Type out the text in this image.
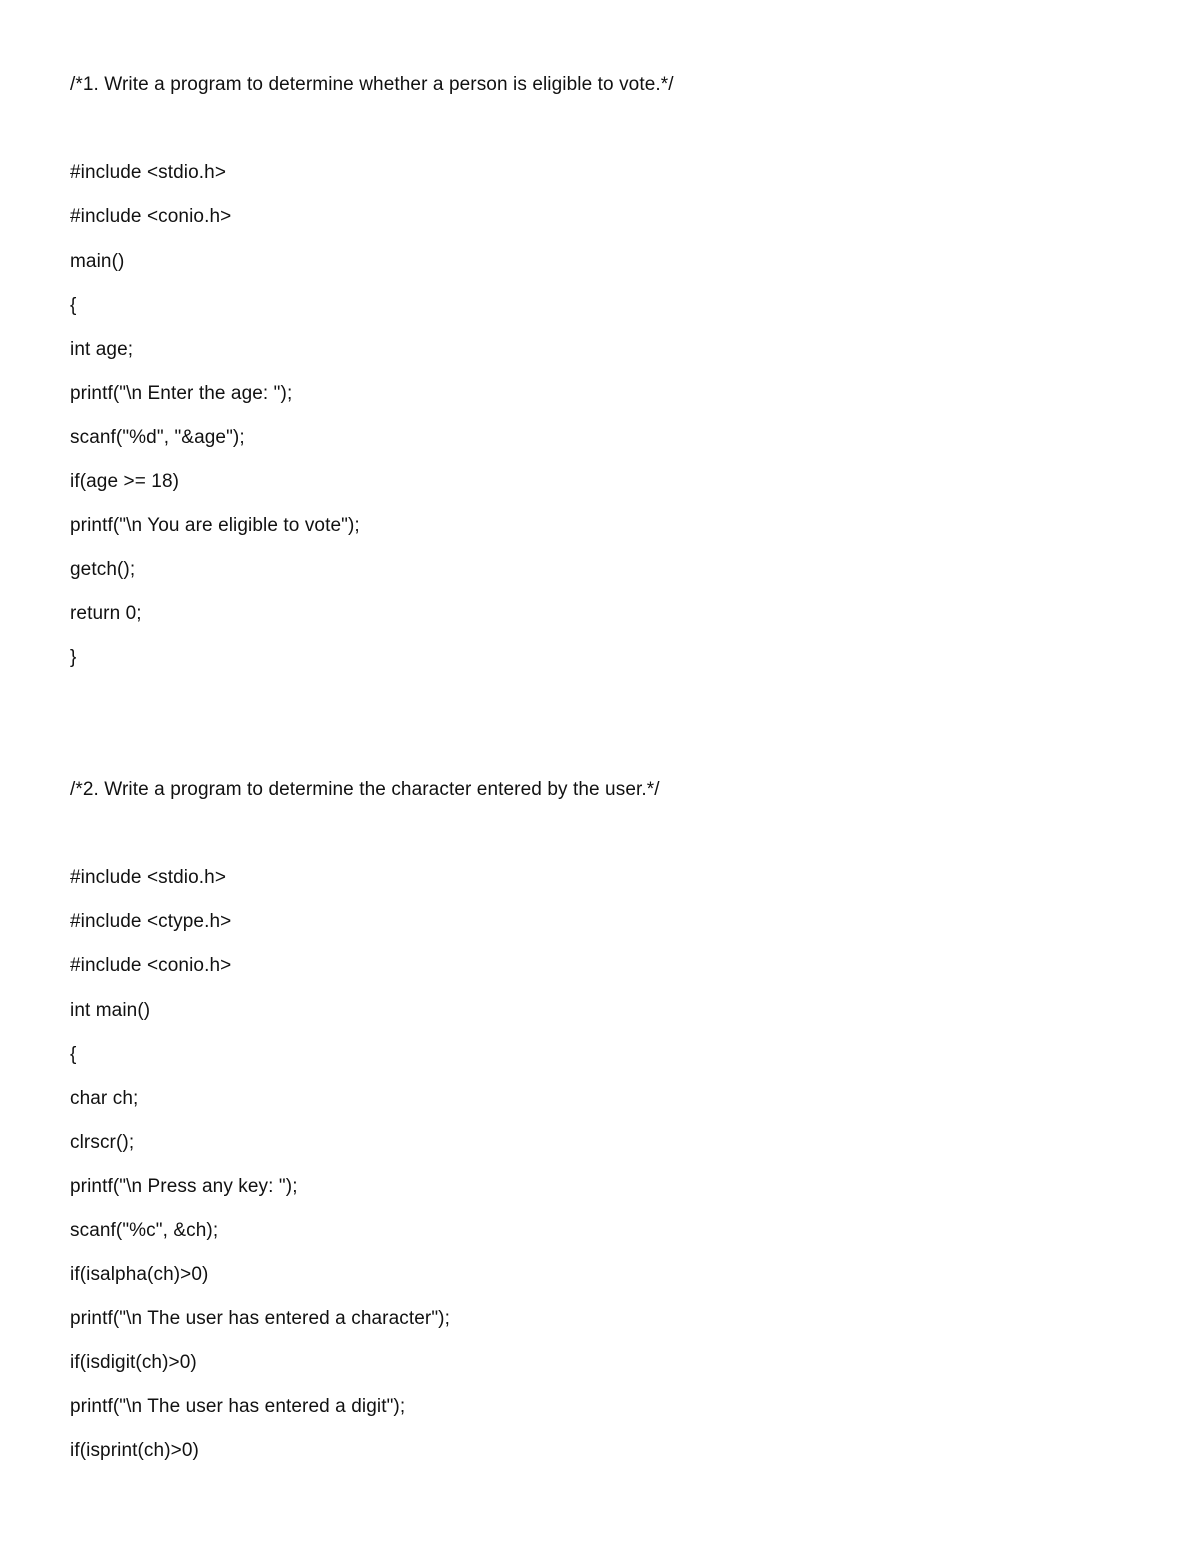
/*1. Write a program to determine whether a person is eligible to vote.*/
#include <stdio.h>
#include <conio.h>
main()
{
int age;
printf("\n Enter the age: ");
scanf("%d", "&age");
if(age >= 18)
printf("\n You are eligible to vote");
getch();
return 0;
}
/*2. Write a program to determine the character entered by the user.*/
#include <stdio.h>
#include <ctype.h>
#include <conio.h>
int main()
{
char ch;
clrscr();
printf("\n Press any key: ");
scanf("%c", &ch);
if(isalpha(ch)>0)
printf("\n The user has entered a character");
if(isdigit(ch)>0)
printf("\n The user has entered a digit");
if(isprint(ch)>0)
